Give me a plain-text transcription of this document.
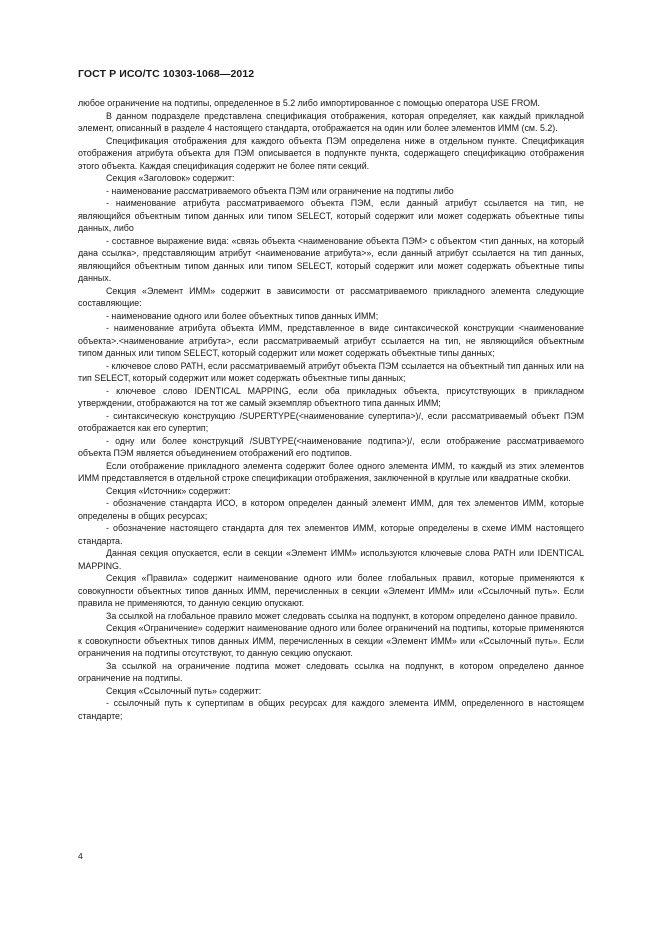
ГОСТ Р ИСО/ТС 10303-1068—2012

любое ограничение на подтипы, определенное в 5.2 либо импортированное с помощью оператора USE FROM.

В данном подразделе представлена спецификация отображения, которая определяет, как каждый прикладной элемент, описанный в разделе 4 настоящего стандарта, отображается на один или более элементов ИММ (см. 5.2).

Спецификация отображения для каждого объекта ПЭМ определена ниже в отдельном пункте. Спецификация отображения атрибута объекта для ПЭМ описывается в подпункте пункта, содержащего спецификацию отображения этого объекта. Каждая спецификация содержит не более пяти секций.

Секция «Заголовок» содержит:

- наименование рассматриваемого объекта ПЭМ или ограничение на подтипы либо

- наименование атрибута рассматриваемого объекта ПЭМ, если данный атрибут ссылается на тип, не являющийся объектным типом данных или типом SELECT, который содержит или может содержать объектные типы данных, либо

- составное выражение вида: «связь объекта <наименование объекта ПЭМ> с объектом <тип данных, на который дана ссылка>, представляющим атрибут <наименование атрибута>», если данный атрибут ссылается на тип данных, являющийся объектным типом данных или типом SELECT, который содержит или может содержать объектные типы данных.

Секция «Элемент ИММ» содержит в зависимости от рассматриваемого прикладного элемента следующие составляющие:

- наименование одного или более объектных типов данных ИММ;

- наименование атрибута объекта ИММ, представленное в виде синтаксической конструкции <наименование объекта>.<наименование атрибута>, если рассматриваемый атрибут ссылается на тип, не являющийся объектным типом данных или типом SELECT, который содержит или может содержать объектные типы данных;

- ключевое слово PATH, если рассматриваемый атрибут объекта ПЭМ ссылается на объектный тип данных или на тип SELECT, который содержит или может содержать объектные типы данных;

- ключевое слово IDENTICAL MAPPING, если оба прикладных объекта, присутствующих в прикладном утверждении, отображаются на тот же самый экземпляр объектного типа данных ИММ;

- синтаксическую конструкцию /SUPERTYPE(<наименование супертипа>)/, если рассматриваемый объект ПЭМ отображается как его супертип;

- одну или более конструкций /SUBTYPE(<наименование подтипа>)/, если отображение рассматриваемого объекта ПЭМ является объединением отображений его подтипов.

Если отображение прикладного элемента содержит более одного элемента ИММ, то каждый из этих элементов ИММ представляется в отдельной строке спецификации отображения, заключенной в круглые или квадратные скобки.

Секция «Источник» содержит:

- обозначение стандарта ИСО, в котором определен данный элемент ИММ, для тех элементов ИММ, которые определены в общих ресурсах;

- обозначение настоящего стандарта для тех элементов ИММ, которые определены в схеме ИММ настоящего стандарта.

Данная секция опускается, если в секции «Элемент ИММ» используются ключевые слова PATH или IDENTICAL MAPPING.

Секция «Правила» содержит наименование одного или более глобальных правил, которые применяются к совокупности объектных типов данных ИММ, перечисленных в секции «Элемент ИММ» или «Ссылочный путь». Если правила не применяются, то данную секцию опускают.

За ссылкой на глобальное правило может следовать ссылка на подпункт, в котором определено данное правило.

Секция «Ограничение» содержит наименование одного или более ограничений на подтипы, которые применяются к совокупности объектных типов данных ИММ, перечисленных в секции «Элемент ИММ» или «Ссылочный путь». Если ограничения на подтипы отсутствуют, то данную секцию опускают.

За ссылкой на ограничение подтипа может следовать ссылка на подпункт, в котором определено данное ограничение на подтипы.

Секция «Ссылочный путь» содержит:

- ссылочный путь к супертипам в общих ресурсах для каждого элемента ИММ, определенного в настоящем стандарте;

4
